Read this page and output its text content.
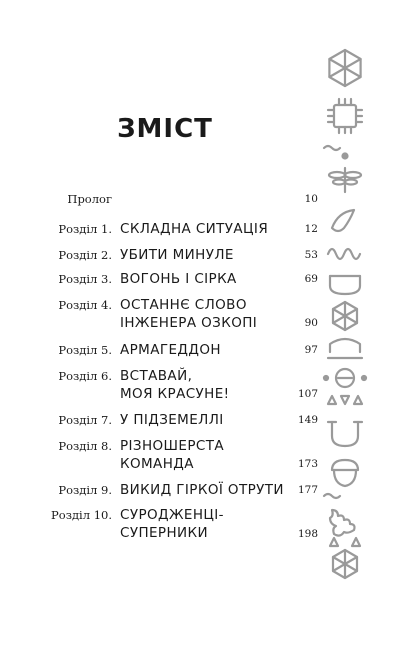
ЗМІСТ
Пролог	10
Розділ 1. СКЛАДНА СИТУАЦІЯ	12
Розділ 2. УБИТИ МИНУЛЕ	53
Розділ 3. ВОГОНЬ І СІРКА	69
Розділ 4. ОСТАННЄ СЛОВО
ІНЖЕНЕРА ОЗКОПІ	90
Розділ 5. АРМАГЕДДОН	97
Розділ 6. ВСТАВАЙ,
МОЯ КРАСУНЕ!	107
Розділ 7. У ПІДЗЕМЕЛЛІ	149
Розділ 8. РІЗНОШЕРСТА
КОМАНДА	173
Розділ 9. ВИКИД ГІРКОЇ ОТРУТИ 177
Розділ 10. СУРОДЖЕНЦІ-
СУПЕРНИКИ	198
